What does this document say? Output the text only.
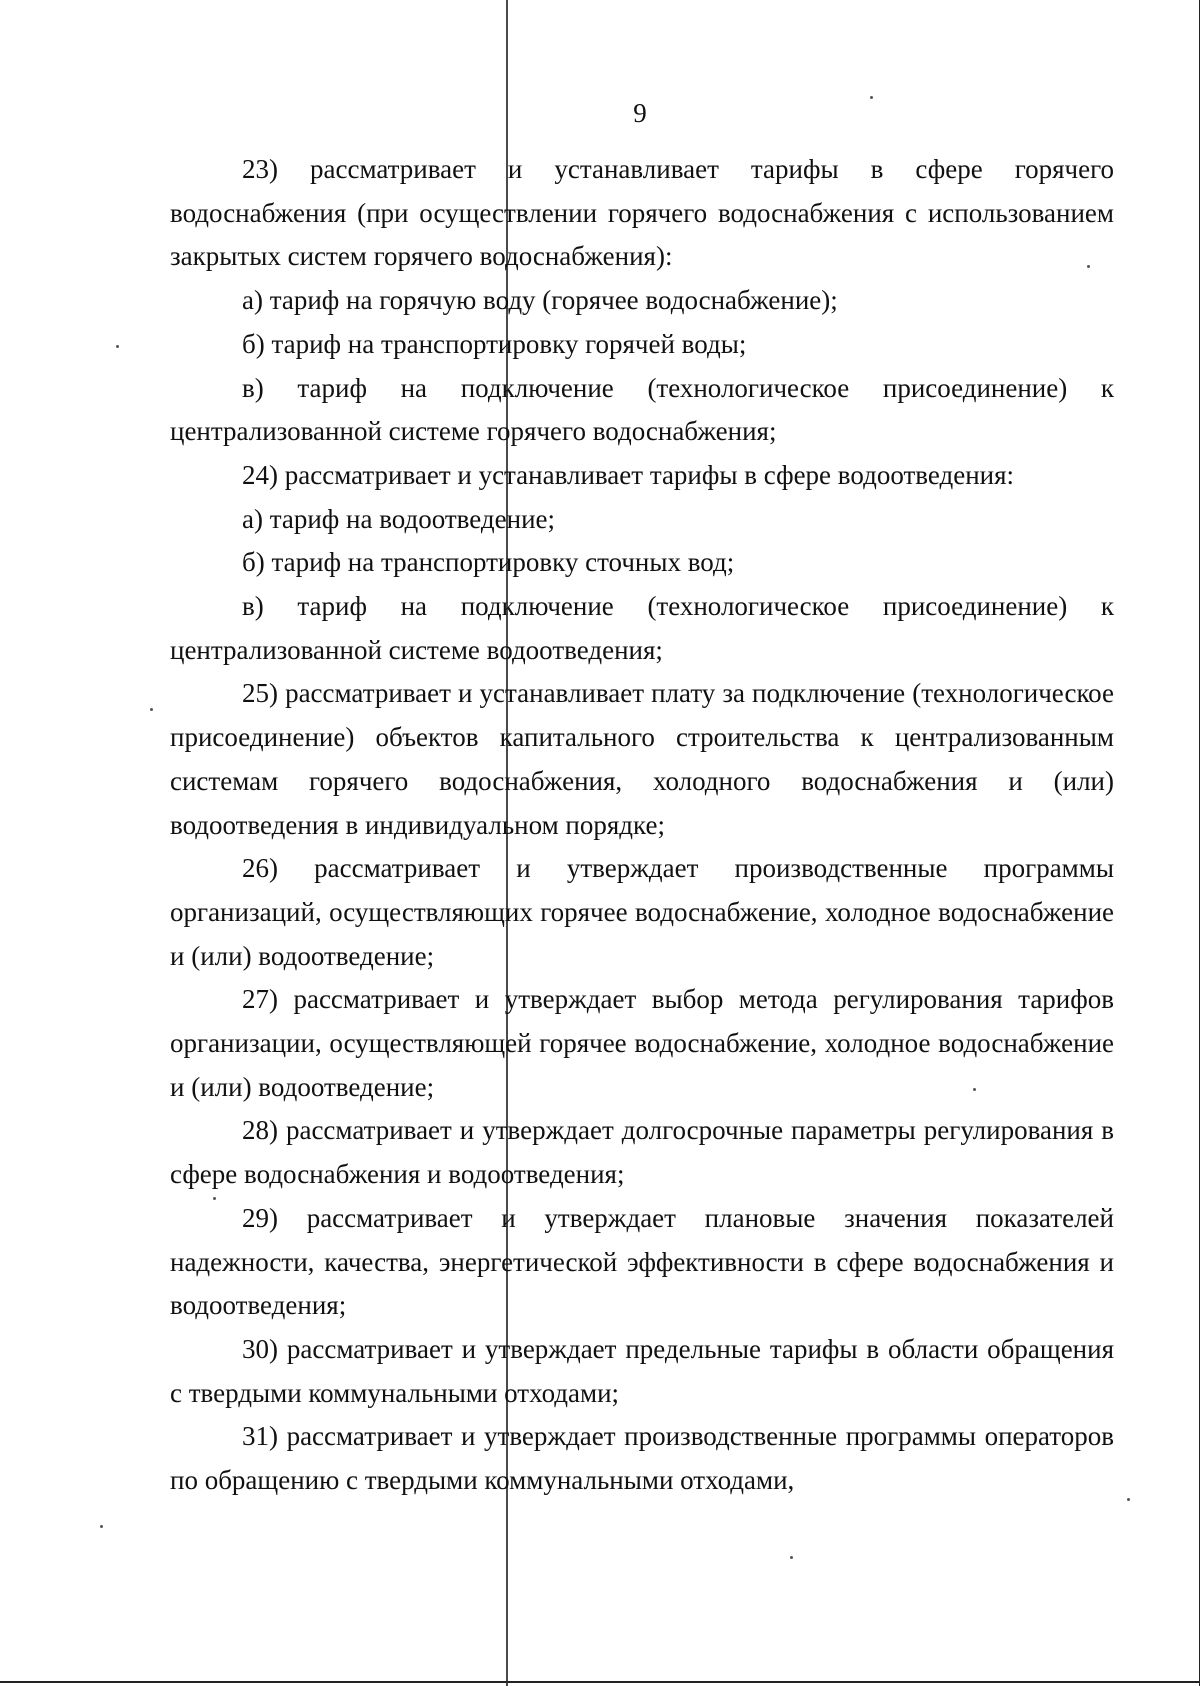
9

23) рассматривает и устанавливает тарифы в сфере горячего водоснабжения (при осуществлении горячего водоснабжения с использованием закрытых систем горячего водоснабжения):

а) тариф на горячую воду (горячее водоснабжение);

б) тариф на транспортировку горячей воды;

в) тариф на подключение (технологическое присоединение) к централизованной системе горячего водоснабжения;

24) рассматривает и устанавливает тарифы в сфере водоотведения:

а) тариф на водоотведение;

б) тариф на транспортировку сточных вод;

в) тариф на подключение (технологическое присоединение) к централизованной системе водоотведения;

25) рассматривает и устанавливает плату за подключение (технологическое присоединение) объектов капитального строительства к централизованным системам горячего водоснабжения, холодного водоснабжения и (или) водоотведения в индивидуальном порядке;

26) рассматривает и утверждает производственные программы организаций, осуществляющих горячее водоснабжение, холодное водоснабжение и (или) водоотведение;

27) рассматривает и утверждает выбор метода регулирования тарифов организации, осуществляющей горячее водоснабжение, холодное водоснабжение и (или) водоотведение;

28) рассматривает и утверждает долгосрочные параметры регулирования в сфере водоснабжения и водоотведения;

29) рассматривает и утверждает плановые значения показателей надежности, качества, энергетической эффективности в сфере водоснабжения и водоотведения;

30) рассматривает и утверждает предельные тарифы в области обращения с твердыми коммунальными отходами;

31) рассматривает и утверждает производственные программы операторов по обращению с твердыми коммунальными отходами,
